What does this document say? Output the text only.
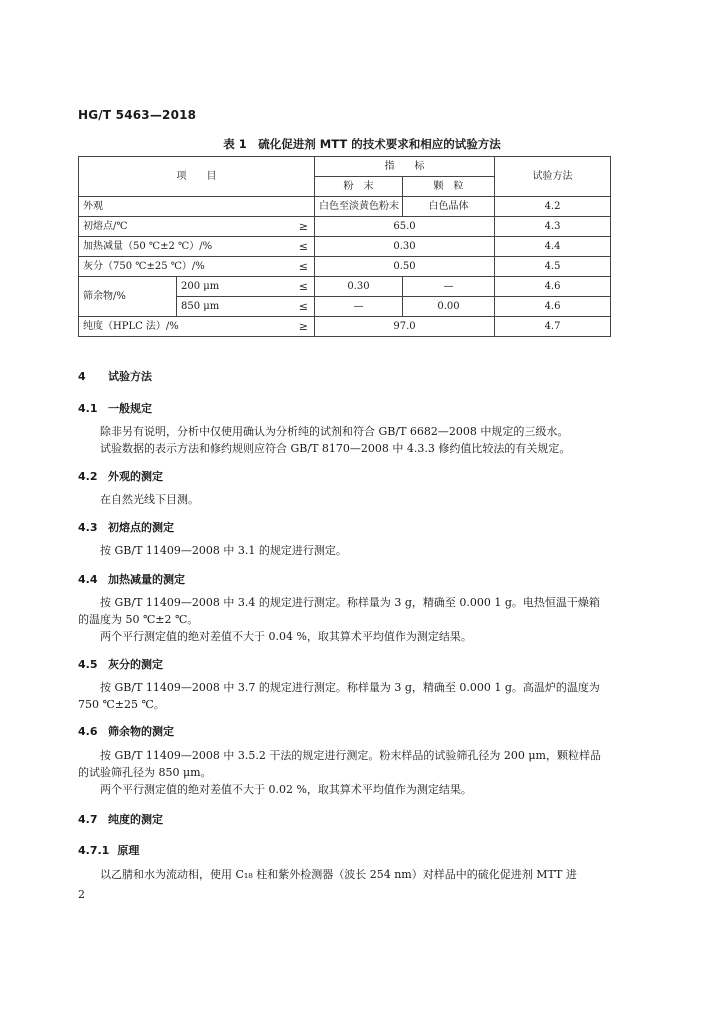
HG/T 5463—2018
表 1　硫化促进剂 MTT 的技术要求和相应的试验方法
项　　目			指　　标		试验方法
			粉　末	颗　粒	
外观			白色至淡黄色粉末	白色晶体	4.2
初熔点/℃		≥	65.0		4.3
加热减量（50 ℃±2 ℃）/%		≤	0.30		4.4
灰分（750 ℃±25 ℃）/%		≤	0.50		4.5
筛余物/%	200 μm	≤	0.30	—	4.6
	850 μm	≤	—	0.00	4.6
纯度（HPLC 法）/%		≥	97.0		4.7
4 试验方法
4.1 一般规定

除非另有说明，分析中仅使用确认为分析纯的试剂和符合 GB/T 6682—2008 中规定的三级水。

试验数据的表示方法和修约规则应符合 GB/T 8170—2008 中 4.3.3 修约值比较法的有关规定。

4.2 外观的测定

在自然光线下目测。

4.3 初熔点的测定

按 GB/T 11409—2008 中 3.1 的规定进行测定。

4.4 加热减量的测定

按 GB/T 11409—2008 中 3.4 的规定进行测定。称样量为 3 g，精确至 0.000 1 g。电热恒温干燥箱的温度为 50 ℃±2 ℃。

两个平行测定值的绝对差值不大于 0.04 %，取其算术平均值作为测定结果。

4.5 灰分的测定

按 GB/T 11409—2008 中 3.7 的规定进行测定。称样量为 3 g，精确至 0.000 1 g。高温炉的温度为 750 ℃±25 ℃。

4.6 筛余物的测定

按 GB/T 11409—2008 中 3.5.2 干法的规定进行测定。粉末样品的试验筛孔径为 200 μm，颗粒样品的试验筛孔径为 850 μm。

两个平行测定值的绝对差值不大于 0.02 %，取其算术平均值作为测定结果。

4.7 纯度的测定
4.7.1 原理

以乙腈和水为流动相，使用 C₁₈ 柱和紫外检测器（波长 254 nm）对样品中的硫化促进剂 MTT 进

2
